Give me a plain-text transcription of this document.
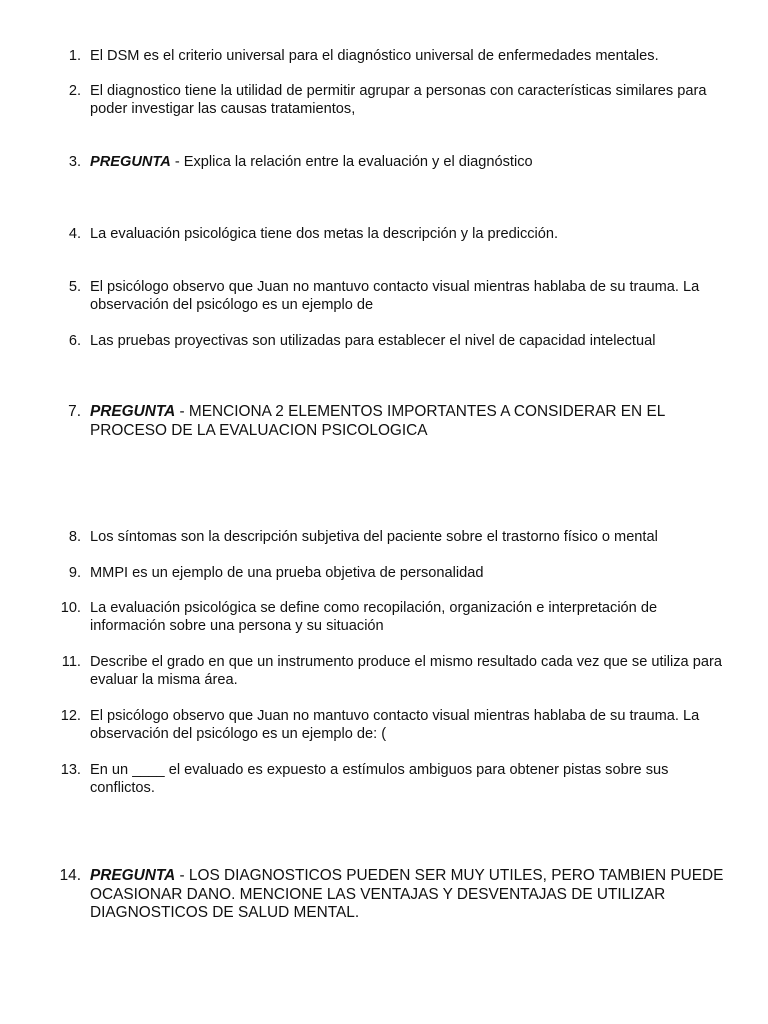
1. El DSM es el criterio universal para el diagnóstico universal de enfermedades mentales.
2. El diagnostico tiene la utilidad de permitir agrupar a personas con características similares para poder investigar las causas tratamientos,
3. PREGUNTA - Explica la relación entre la evaluación y el diagnóstico
4. La evaluación psicológica tiene dos metas la descripción y la predicción.
5. El psicólogo observo que Juan no mantuvo contacto visual mientras hablaba de su trauma. La observación del psicólogo es un ejemplo de
6. Las pruebas proyectivas son utilizadas para establecer el nivel de capacidad intelectual
7. PREGUNTA - MENCIONA 2 ELEMENTOS IMPORTANTES A CONSIDERAR EN EL PROCESO DE LA EVALUACION PSICOLOGICA
8. Los síntomas son la descripción subjetiva del paciente sobre el trastorno físico o mental
9. MMPI es un ejemplo de una prueba objetiva de personalidad
10. La evaluación psicológica se define como recopilación, organización e interpretación de información sobre una persona y su situación
11. Describe el grado en que un instrumento produce el mismo resultado cada vez que se utiliza para evaluar la misma área.
12. El psicólogo observo que Juan no mantuvo contacto visual mientras hablaba de su trauma. La observación del psicólogo es un ejemplo de: (
13. En un ____ el evaluado es expuesto a estímulos ambiguos para obtener pistas sobre sus conflictos.
14. PREGUNTA - LOS DIAGNOSTICOS PUEDEN SER MUY UTILES, PERO TAMBIEN PUEDE OCASIONAR DANO. MENCIONE LAS VENTAJAS Y DESVENTAJAS DE UTILIZAR DIAGNOSTICOS DE SALUD MENTAL.
